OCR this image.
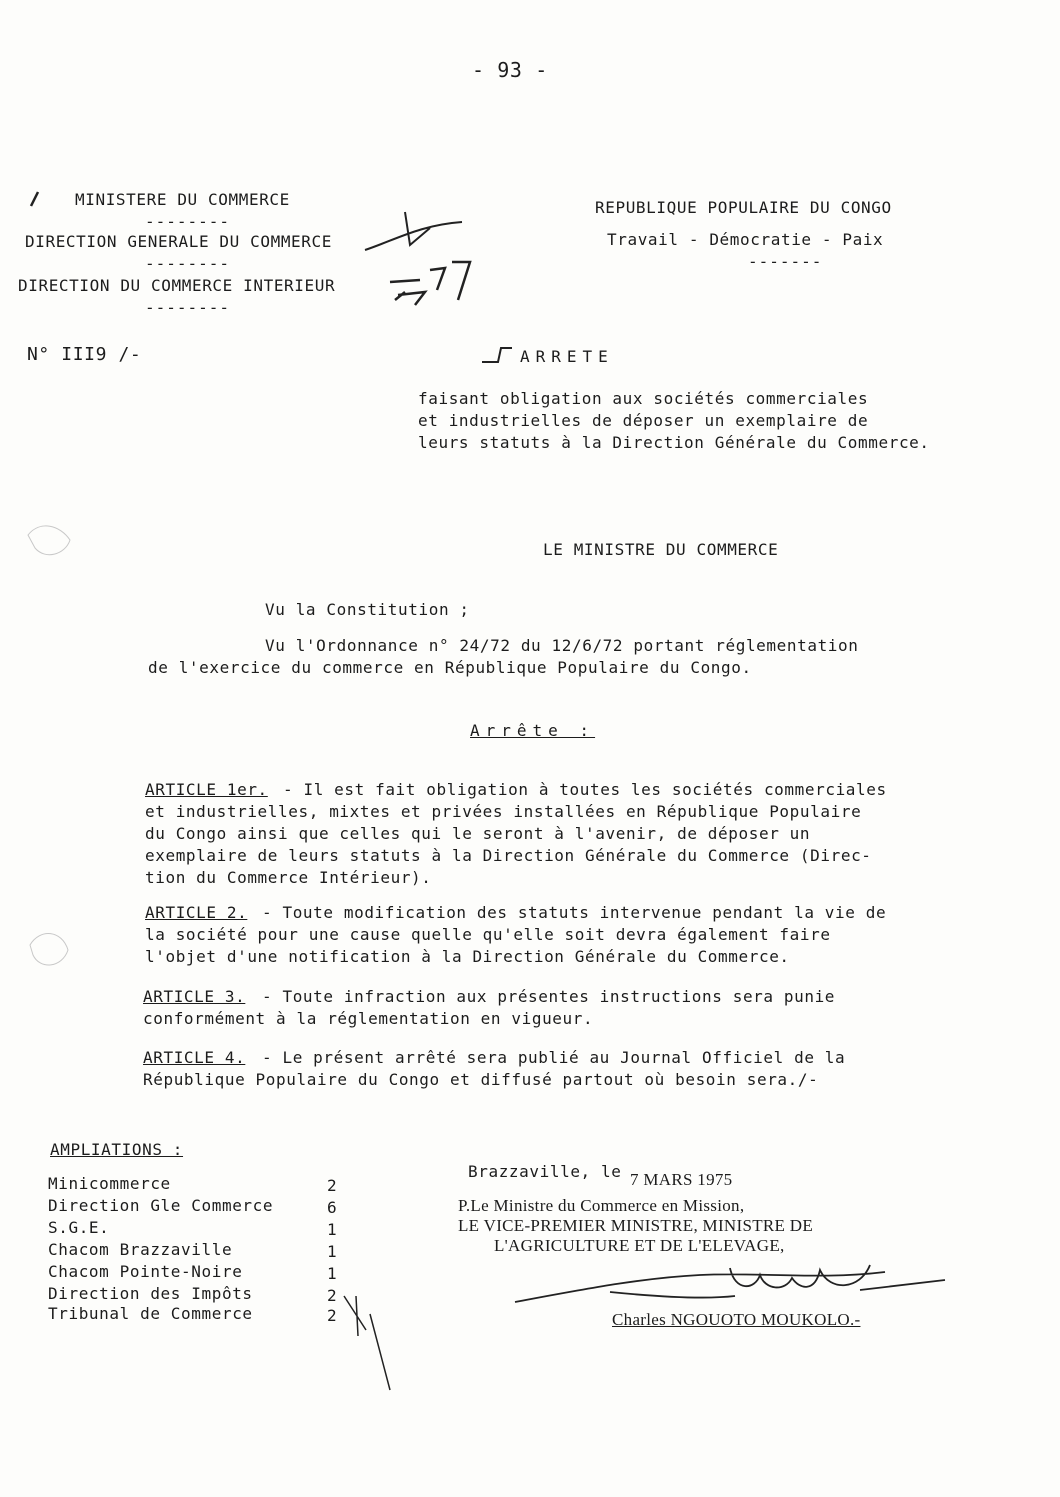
- 93 -
MINISTERE DU COMMERCE
--------
DIRECTION GENERALE DU COMMERCE
--------
DIRECTION DU COMMERCE INTERIEUR
--------
REPUBLIQUE POPULAIRE DU CONGO
Travail - Démocratie - Paix
-------
N° III9 /-	ARRETE
faisant obligation aux sociétés commerciales
et industrielles de déposer un exemplaire de
leurs statuts à la Direction Générale du Commerce.
LE MINISTRE DU COMMERCE
Vu la Constitution ;
Vu l'Ordonnance n° 24/72 du 12/6/72 portant réglementation
de l'exercice du commerce en République Populaire du Congo.
Arrête :
ARTICLE 1er. - Il est fait obligation à toutes les sociétés commerciales
et industrielles, mixtes et privées installées en République Populaire
du Congo ainsi que celles qui le seront à l'avenir, de déposer un
exemplaire de leurs statuts à la Direction Générale du Commerce (Direc-
tion du Commerce Intérieur).
ARTICLE 2. - Toute modification des statuts intervenue pendant la vie de
la société pour une cause quelle qu'elle soit devra également faire
l'objet d'une notification à la Direction Générale du Commerce.
ARTICLE 3. - Toute infraction aux présentes instructions sera punie
conformément à la réglementation en vigueur.
ARTICLE 4. - Le présent arrêté sera publié au Journal Officiel de la
République Populaire du Congo et diffusé partout où besoin sera./-
AMPLIATIONS :
Minicommerce	2
Direction Gle Commerce	6
S.G.E.	1
Chacom Brazzaville	1
Chacom Pointe-Noire	1
Direction des Impôts	2
Tribunal de Commerce	2
Brazzaville, le 7 MARS 1975
P.Le Ministre du Commerce en Mission,
LE VICE-PREMIER MINISTRE, MINISTRE DE
L'AGRICULTURE ET DE L'ELEVAGE,
Charles NGOUOTO MOUKOLO.-
